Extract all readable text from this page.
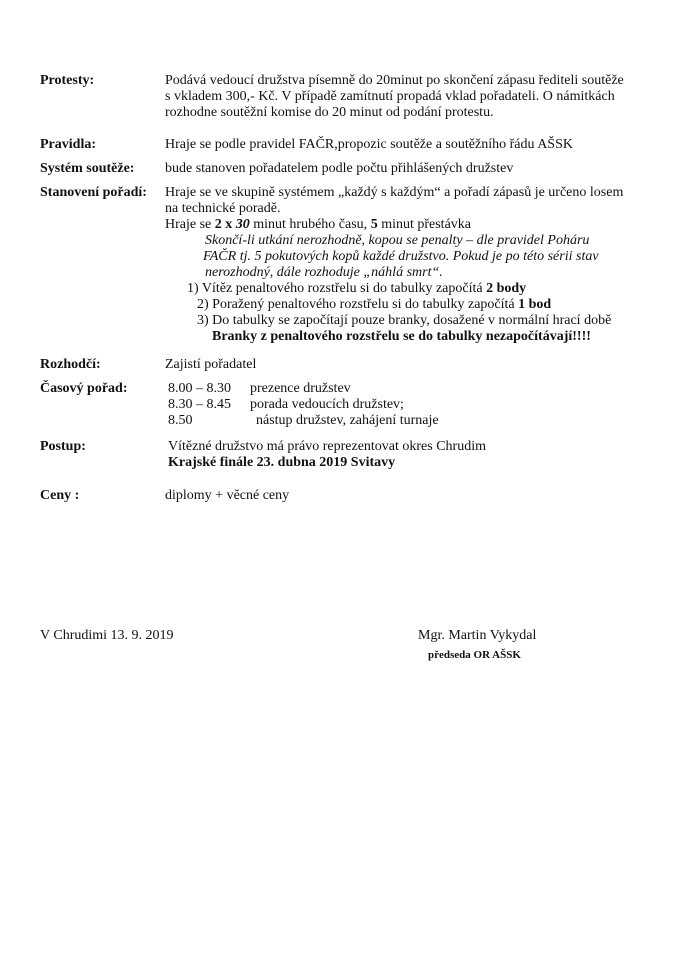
Protesty:	Podává vedoucí družstva písemně do 20minut po skončení zápasu řediteli soutěže
s vkladem 300,- Kč. V případě zamítnutí propadá vklad pořadateli. O námitkách
rozhodne soutěžní komise do 20 minut od podání protestu.
Pravidla:	Hraje se podle pravidel FAČR,propozic soutěže a soutěžního řádu AŠSK
Systém soutěže:	bude stanoven pořadatelem podle počtu přihlášených družstev
Stanovení pořadí:	Hraje se ve skupině systémem „každý s každým“ a pořadí zápasů je určeno losem
na technické poradě.
Hraje se 2 x 30 minut hrubého času, 5 minut přestávka
Skončí-li utkání nerozhodně, kopou se penalty – dle pravidel Poháru
FAČR tj. 5 pokutových kopů každé družstvo. Pokud je po této sérii stav
nerozhodný, dále rozhoduje „náhlá smrt“.
1) Vítěz penaltového rozstřelu si do tabulky započítá 2 body
2) Poražený penaltového rozstřelu si do tabulky započítá 1 bod
3) Do tabulky se započítají pouze branky, dosažené v normální hrací době
Branky z penaltového rozstřelu se do tabulky nezapočítávají!!!!
Rozhodčí:	Zajistí pořadatel
Časový pořad:	8.00 – 8.30 prezence družstev
8.30 – 8.45 porada vedoucích družstev;
8.50	nástup družstev, zahájení turnaje
Postup:	Vítězné družstvo má právo reprezentovat okres Chrudim
Krajské finále 23. dubna 2019 Svitavy
Ceny :	diplomy + věcné ceny
V Chrudimi 13. 9. 2019	Mgr. Martin Vykydal
předseda OR AŠSK
